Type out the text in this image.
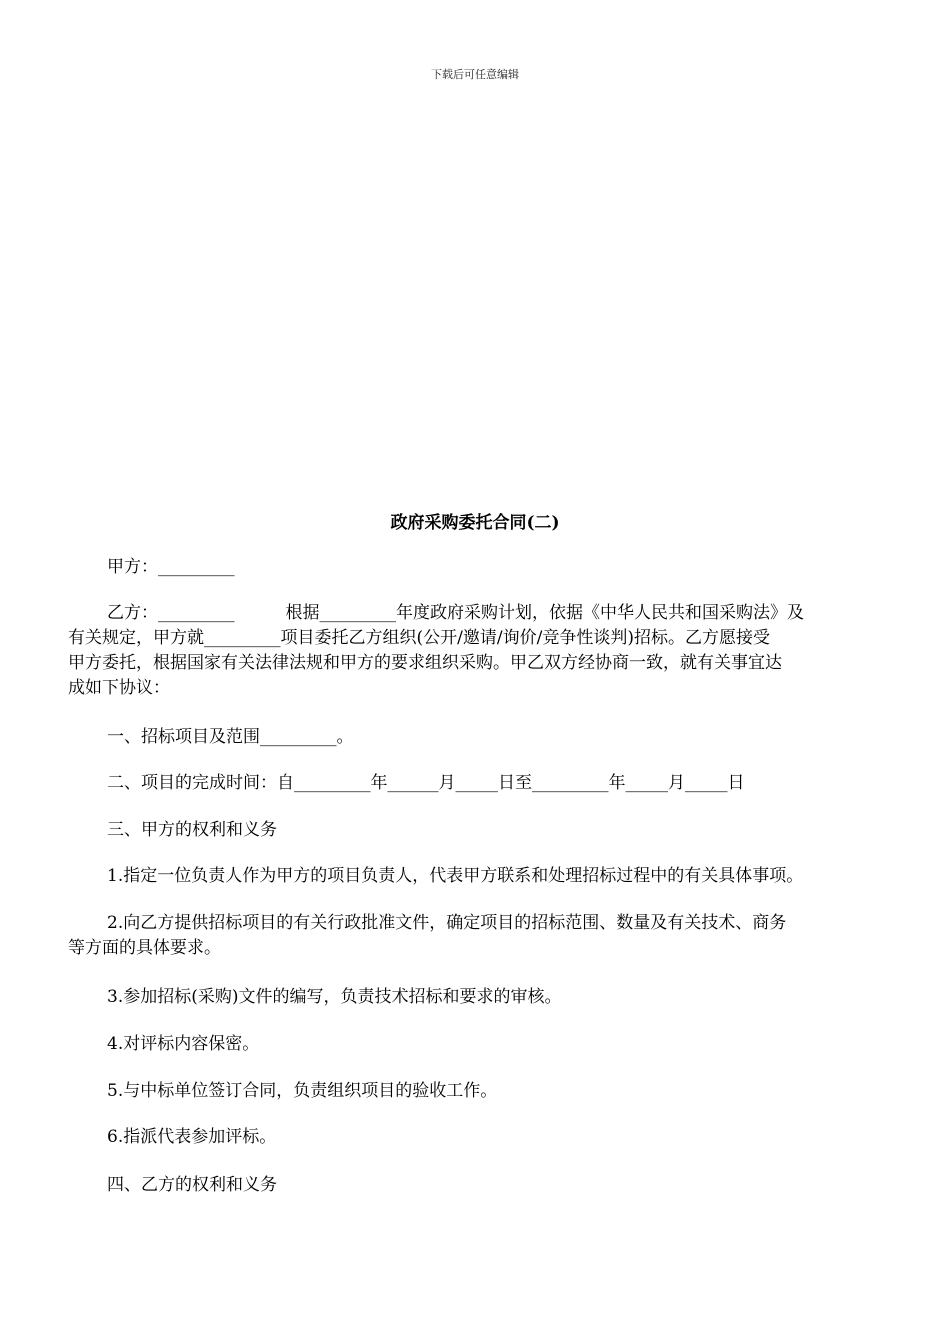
下载后可任意编辑
政府采购委托合同(二)
甲方：_________
乙方：_________　　　根据_________年度政府采购计划，依据《中华人民共和国采购法》及
有关规定，甲方就_________项目委托乙方组织(公开/邀请/询价/竞争性谈判)招标。乙方愿接受
甲方委托，根据国家有关法律法规和甲方的要求组织采购。甲乙双方经协商一致，就有关事宜达
成如下协议：
一、招标项目及范围_________。
二、项目的完成时间：自_________年______月_____日至_________年_____月_____日
三、甲方的权利和义务
1.指定一位负责人作为甲方的项目负责人，代表甲方联系和处理招标过程中的有关具体事项。
2.向乙方提供招标项目的有关行政批准文件，确定项目的招标范围、数量及有关技术、商务
等方面的具体要求。
3.参加招标(采购)文件的编写，负责技术招标和要求的审核。
4.对评标内容保密。
5.与中标单位签订合同，负责组织项目的验收工作。
6.指派代表参加评标。
四、乙方的权利和义务
